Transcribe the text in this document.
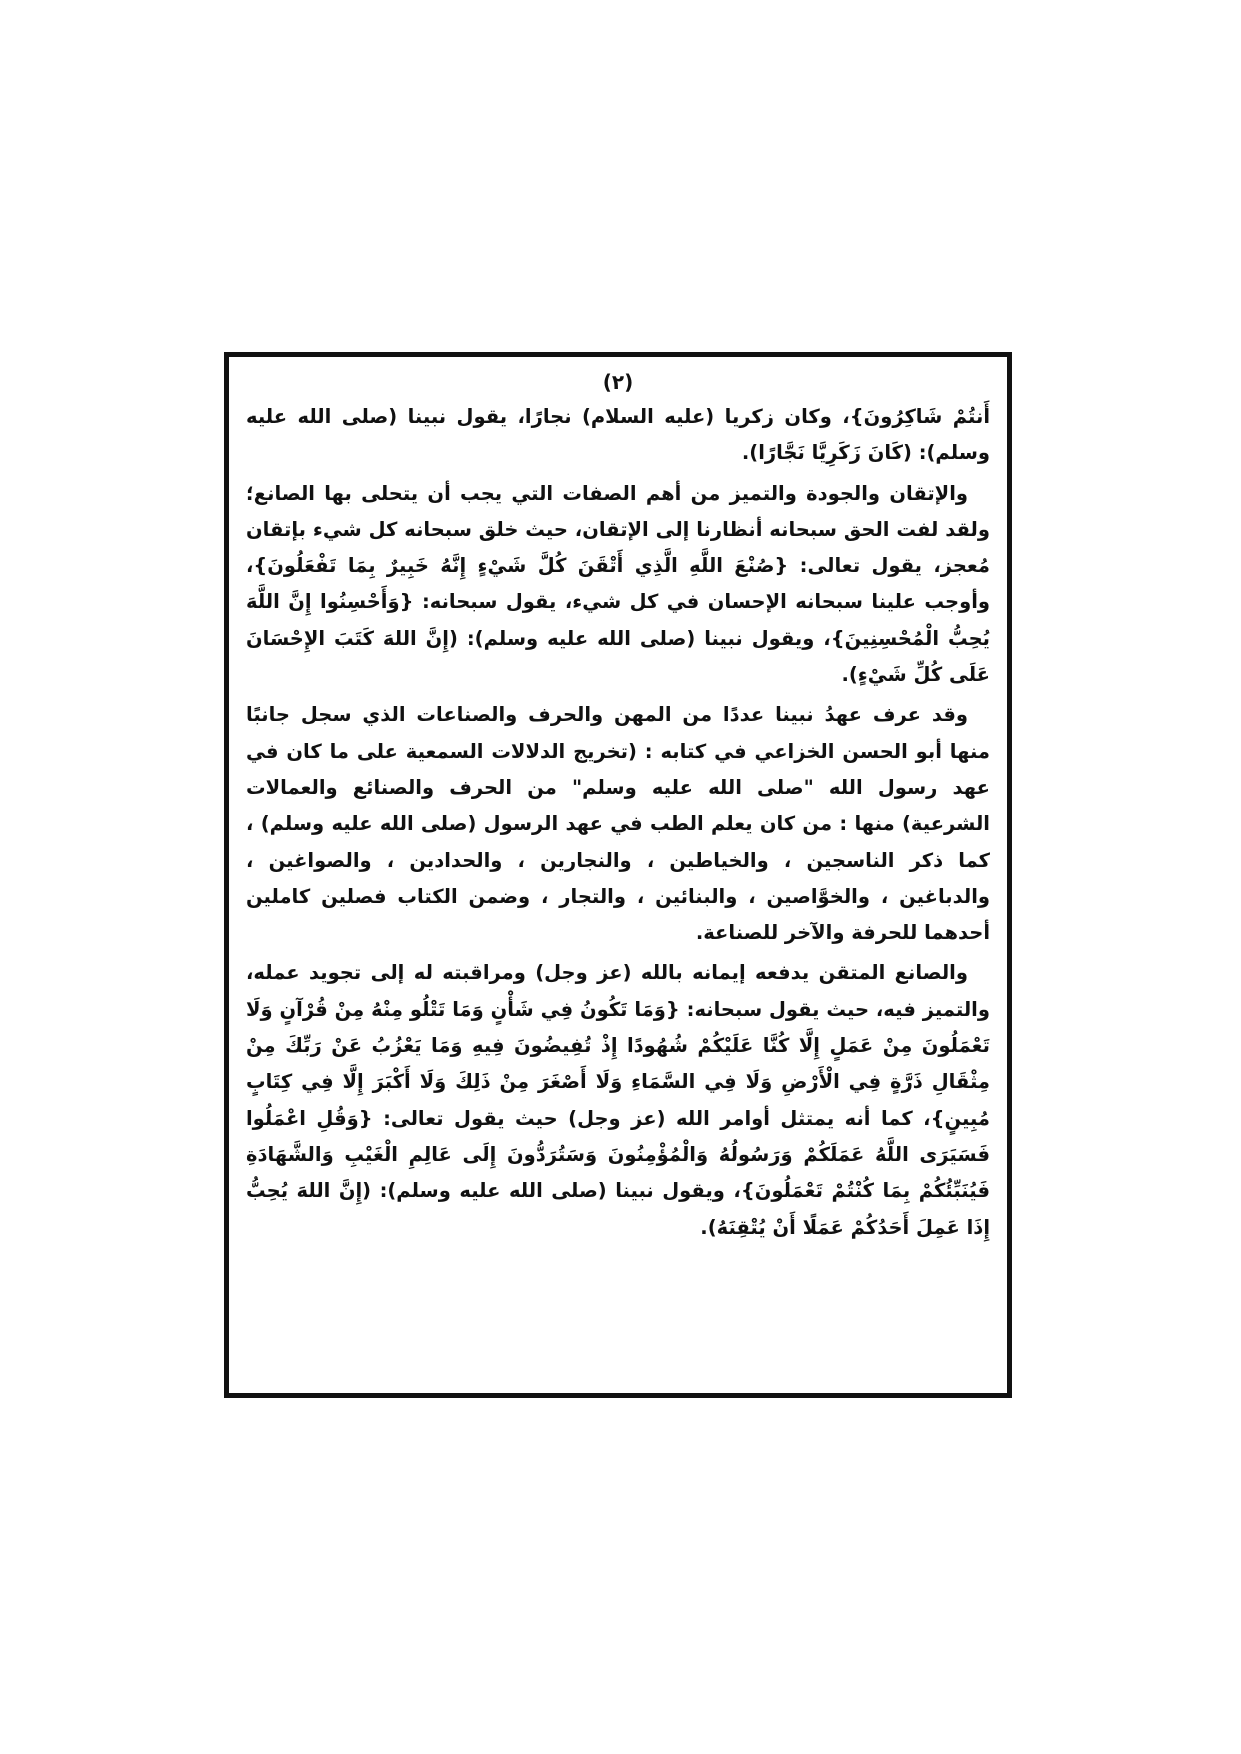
(٢)

أَنتُمْ شَاكِرُونَ}، وكان زكريا (عليه السلام) نجارًا، يقول نبينا (صلى الله عليه وسلم): (كَانَ زَكَرِيَّا نَجَّارًا).

والإتقان والجودة والتميز من أهم الصفات التي يجب أن يتحلى بها الصانع؛ ولقد لفت الحق سبحانه أنظارنا إلى الإتقان، حيث خلق سبحانه كل شيء بإتقان مُعجز، يقول تعالى: {صُنْعَ اللَّهِ الَّذِي أَتْقَنَ كُلَّ شَيْءٍ إِنَّهُ خَبِيرٌ بِمَا تَفْعَلُونَ}، وأوجب علينا سبحانه الإحسان في كل شيء، يقول سبحانه: {وَأَحْسِنُوا إِنَّ اللَّهَ يُحِبُّ الْمُحْسِنِينَ}، ويقول نبينا (صلى الله عليه وسلم): (إِنَّ اللهَ كَتَبَ الإِحْسَانَ عَلَى كُلِّ شَيْءٍ).

وقد عرف عهدُ نبينا عددًا من المهن والحرف والصناعات الذي سجل جانبًا منها أبو الحسن الخزاعي في كتابه : (تخريج الدلالات السمعية على ما كان في عهد رسول الله "صلى الله عليه وسلم" من الحرف والصنائع والعمالات الشرعية) منها : من كان يعلم الطب في عهد الرسول (صلى الله عليه وسلم) ، كما ذكر الناسجين ، والخياطين ، والنجارين ، والحدادين ، والصواغين ، والدباغين ، والخوَّاصين ، والبنائين ، والتجار ، وضمن الكتاب فصلين كاملين أحدهما للحرفة والآخر للصناعة.

والصانع المتقن يدفعه إيمانه بالله (عز وجل) ومراقبته له إلى تجويد عمله، والتميز فيه، حيث يقول سبحانه: {وَمَا تَكُونُ فِي شَأْنٍ وَمَا تَتْلُو مِنْهُ مِنْ قُرْآنٍ وَلَا تَعْمَلُونَ مِنْ عَمَلٍ إِلَّا كُنَّا عَلَيْكُمْ شُهُودًا إِذْ تُفِيضُونَ فِيهِ وَمَا يَعْزُبُ عَنْ رَبِّكَ مِنْ مِثْقَالِ ذَرَّةٍ فِي الْأَرْضِ وَلَا فِي السَّمَاءِ وَلَا أَصْغَرَ مِنْ ذَلِكَ وَلَا أَكْبَرَ إِلَّا فِي كِتَابٍ مُبِينٍ}، كما أنه يمتثل أوامر الله (عز وجل) حيث يقول تعالى: {وَقُلِ اعْمَلُوا فَسَيَرَى اللَّهُ عَمَلَكُمْ وَرَسُولُهُ وَالْمُؤْمِنُونَ وَسَتُرَدُّونَ إِلَى عَالِمِ الْغَيْبِ وَالشَّهَادَةِ فَيُنَبِّئُكُمْ بِمَا كُنْتُمْ تَعْمَلُونَ}، ويقول نبينا (صلى الله عليه وسلم): (إِنَّ اللهَ يُحِبُّ إِذَا عَمِلَ أَحَدُكُمْ عَمَلًا أَنْ يُتْقِنَهُ).
